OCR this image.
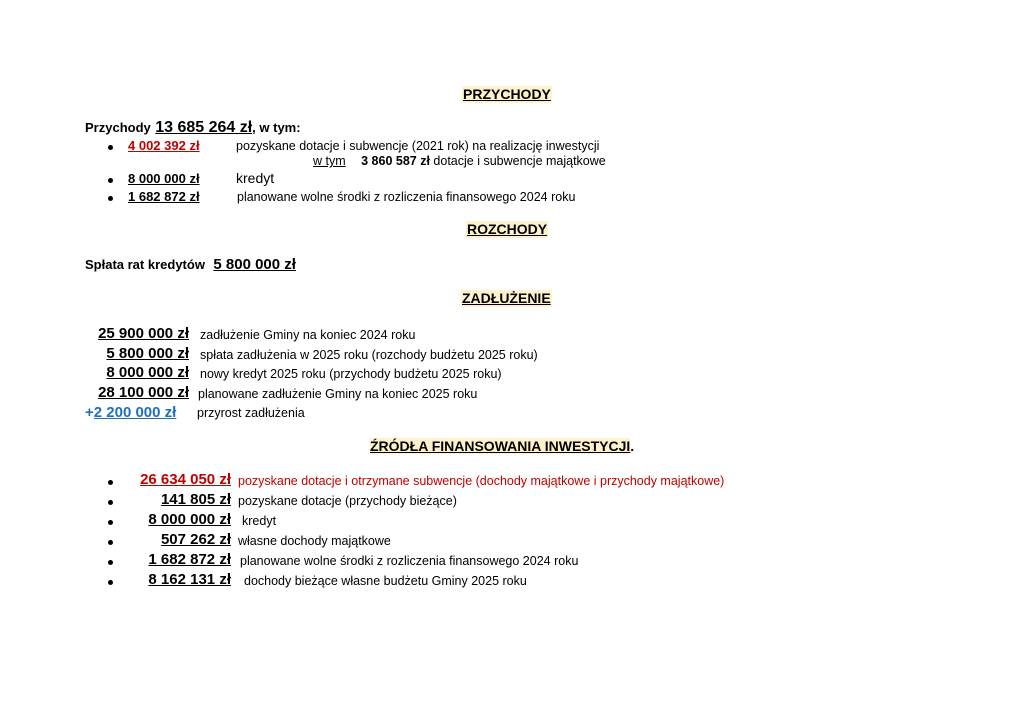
PRZYCHODY
Przychody 13 685 264 zł, w tym:
4 002 392 zł	pozyskane dotacje i subwencje (2021 rok) na realizację inwestycji
w tym 3 860 587 zł dotacje i subwencje majątkowe
8 000 000 zł	kredyt
1 682 872 zł	planowane wolne środki z rozliczenia finansowego 2024 roku
ROZCHODY
Spłata rat kredytów 5 800 000 zł
ZADŁUŻENIE
25 900 000 zł zadłużenie Gminy na koniec 2024 roku
5 800 000 zł spłata zadłużenia w 2025 roku (rozchody budżetu 2025 roku)
8 000 000 zł nowy kredyt 2025 roku (przychody budżetu 2025 roku)
28 100 000 zł planowane zadłużenie Gminy na koniec 2025 roku
+2 200 000 zł przyrost zadłużenia
ŹRÓDŁA FINANSOWANIA INWESTYCJI.
26 634 050 zł pozyskane dotacje i otrzymane subwencje (dochody majątkowe i przychody majątkowe)
141 805 zł pozyskane dotacje (przychody bieżące)
8 000 000 zł kredyt
507 262 zł własne dochody majątkowe
1 682 872 zł planowane wolne środki z rozliczenia finansowego 2024 roku
8 162 131 zł dochody bieżące własne budżetu Gminy 2025 roku
